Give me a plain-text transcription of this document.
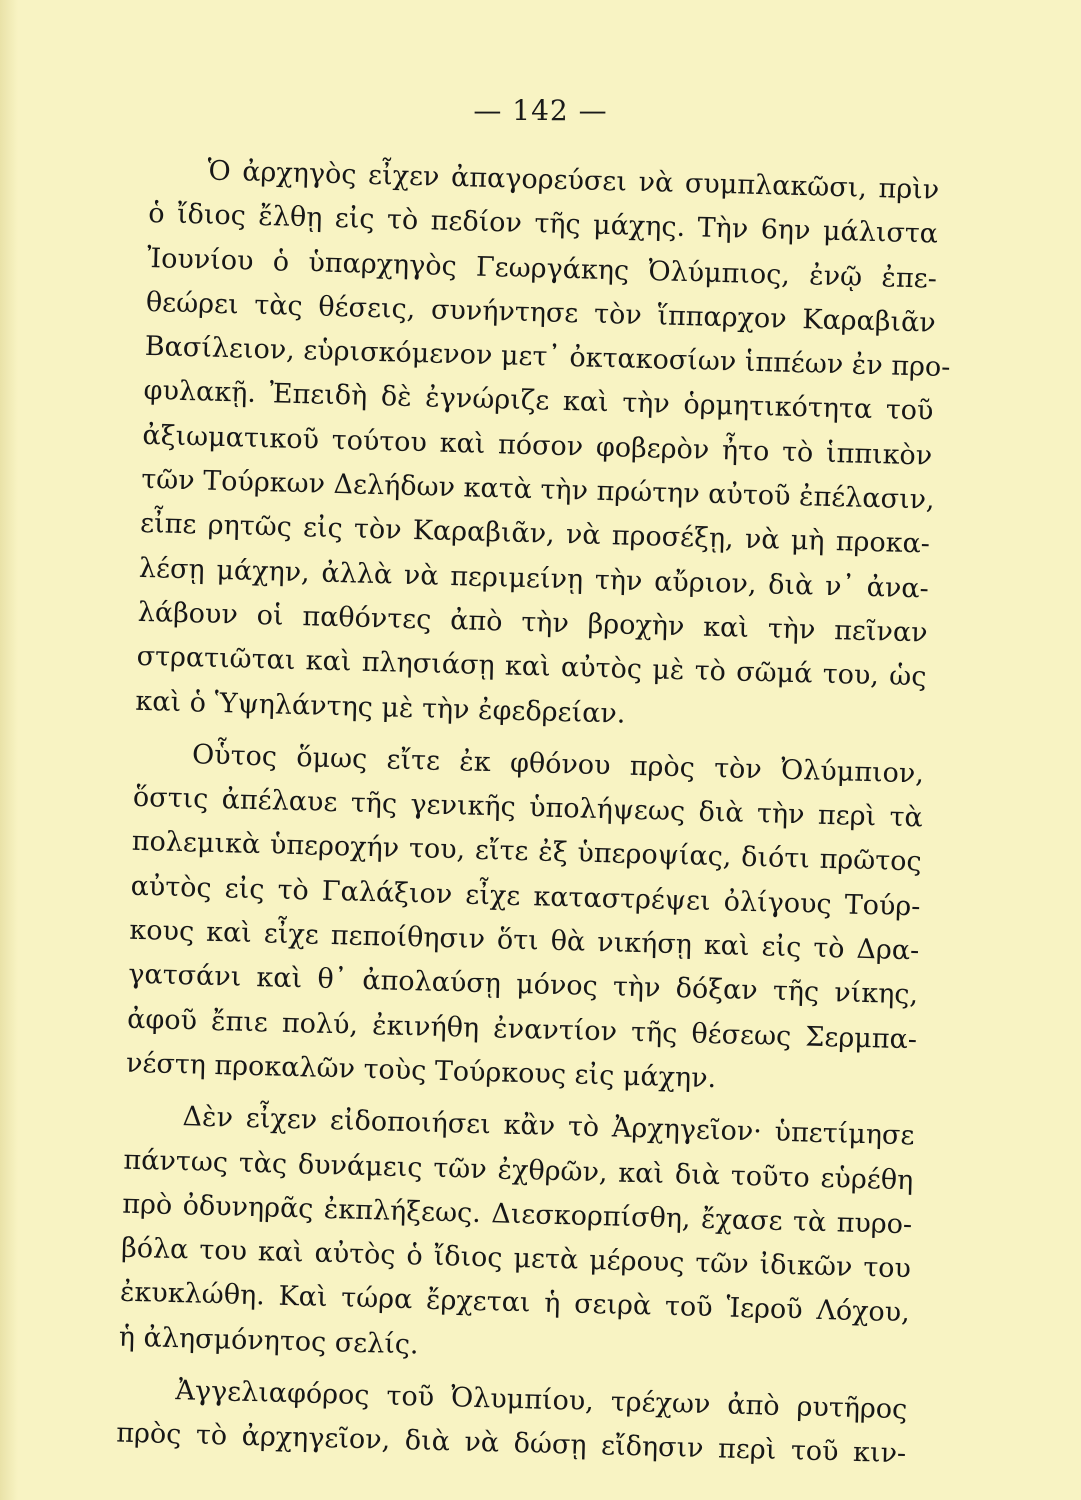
— 142 —
Ὁ ἀρχηγὸς εἶχεν ἀπαγορεύσει νὰ συμπλακῶσι, πρὶν
ὁ ἴδιος ἔλθῃ εἰς τὸ πεδίον τῆς μάχης. Τὴν 6ην μάλιστα
Ἰουνίου ὁ ὑπαρχηγὸς Γεωργάκης Ὀλύμπιος, ἐνῷ ἐπε-
θεώρει τὰς θέσεις, συνήντησε τὸν ἵππαρχον Καραβιᾶν
Βασίλειον, εὑρισκόμενον μετ᾽ ὀκτακοσίων ἱππέων ἐν προ-
φυλακῇ. Ἐπειδὴ δὲ ἐγνώριζε καὶ τὴν ὁρμητικότητα τοῦ
ἀξιωματικοῦ τούτου καὶ πόσον φοβερὸν ἦτο τὸ ἱππικὸν
τῶν Τούρκων Δελήδων κατὰ τὴν πρώτην αὐτοῦ ἐπέλασιν,
εἶπε ρητῶς εἰς τὸν Καραβιᾶν, νὰ προσέξῃ, νὰ μὴ προκα-
λέσῃ μάχην, ἀλλὰ νὰ περιμείνῃ τὴν αὔριον, διὰ ν᾽ ἀνα-
λάβουν οἱ παθόντες ἀπὸ τὴν βροχὴν καὶ τὴν πεῖναν
στρατιῶται καὶ πλησιάσῃ καὶ αὐτὸς μὲ τὸ σῶμά του, ὡς
καὶ ὁ Ὑψηλάντης μὲ τὴν ἐφεδρείαν.
Οὗτος ὅμως εἴτε ἐκ φθόνου πρὸς τὸν Ὀλύμπιον,
ὅστις ἀπέλαυε τῆς γενικῆς ὑπολήψεως διὰ τὴν περὶ τὰ
πολεμικὰ ὑπεροχήν του, εἴτε ἐξ ὑπεροψίας, διότι πρῶτος
αὐτὸς εἰς τὸ Γαλάξιον εἶχε καταστρέψει ὀλίγους Τούρ-
κους καὶ εἶχε πεποίθησιν ὅτι θὰ νικήσῃ καὶ εἰς τὸ Δρα-
γατσάνι καὶ θ᾽ ἀπολαύσῃ μόνος τὴν δόξαν τῆς νίκης,
ἀφοῦ ἔπιε πολύ, ἐκινήθη ἐναντίον τῆς θέσεως Σερμπα-
νέστη προκαλῶν τοὺς Τούρκους εἰς μάχην.
Δὲν εἶχεν εἰδοποιήσει κἂν τὸ Ἀρχηγεῖον· ὑπετίμησε
πάντως τὰς δυνάμεις τῶν ἐχθρῶν, καὶ διὰ τοῦτο εὑρέθη
πρὸ ὀδυνηρᾶς ἐκπλήξεως. Διεσκορπίσθη, ἔχασε τὰ πυρο-
βόλα του καὶ αὐτὸς ὁ ἴδιος μετὰ μέρους τῶν ἰδικῶν του
ἐκυκλώθη. Καὶ τώρα ἔρχεται ἡ σειρὰ τοῦ Ἱεροῦ Λόχου,
ἡ ἀλησμόνητος σελίς.
Ἀγγελιαφόρος τοῦ Ὀλυμπίου, τρέχων ἀπὸ ρυτῆρος
πρὸς τὸ ἀρχηγεῖον, διὰ νὰ δώσῃ εἴδησιν περὶ τοῦ κιν-
